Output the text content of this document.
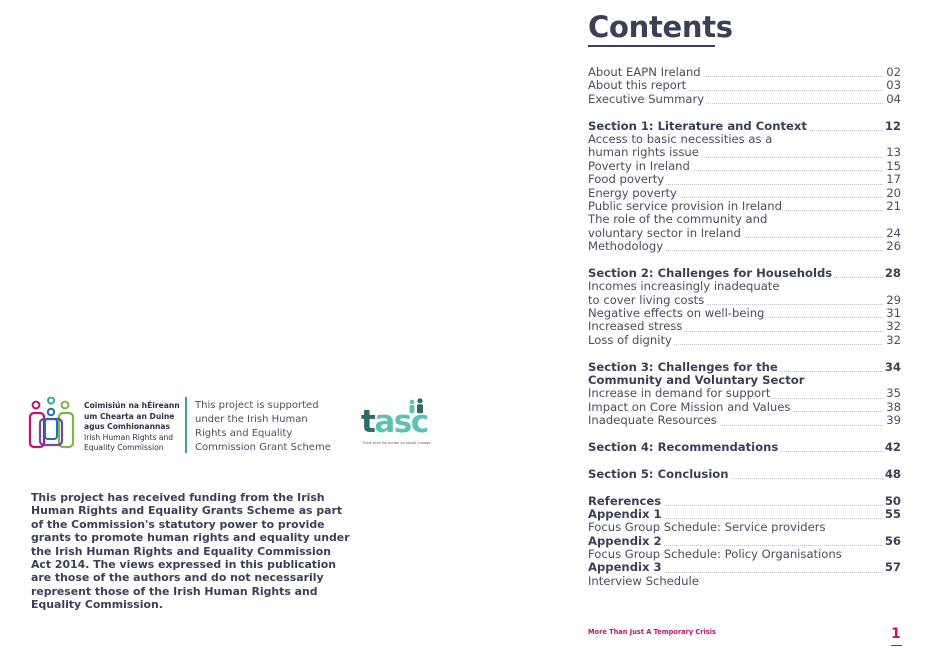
Coimisiún na hÉireann
um Chearta an Duine
agus Comhionannas
Irish Human Rights and
Equality Commission
This project is supported
under the Irish Human
Rights and Equality
Commission Grant Scheme
tasc
Think tank for action on social change
This project has received funding from the Irish Human Rights and Equality Grants Scheme as part of the Commission's statutory power to provide grants to promote human rights and equality under the Irish Human Rights and Equality Commission Act 2014. The views expressed in this publication are those of the authors and do not necessarily represent those of the Irish Human Rights and Equality Commission.
Contents
About EAPN Ireland	02
About this report	03
Executive Summary	04
Section 1: Literature and Context	12
Access to basic necessities as a
human rights issue	13
Poverty in Ireland	15
Food poverty	17
Energy poverty	20
Public service provision in Ireland	21
The role of the community and
voluntary sector in Ireland	24
Methodology	26
Section 2: Challenges for Households	28
Incomes increasingly inadequate
to cover living costs	29
Negative effects on well-being	31
Increased stress	32
Loss of dignity	32
Section 3: Challenges for the	34
Community and Voluntary Sector
Increase in demand for support	35
Impact on Core Mission and Values	38
Inadequate Resources	39
Section 4: Recommendations	42
Section 5: Conclusion	48
References	50
Appendix 1	55
Focus Group Schedule: Service providers
Appendix 2	56
Focus Group Schedule: Policy Organisations
Appendix 3	57
Interview Schedule
More Than Just A Temporary Crisis	1
